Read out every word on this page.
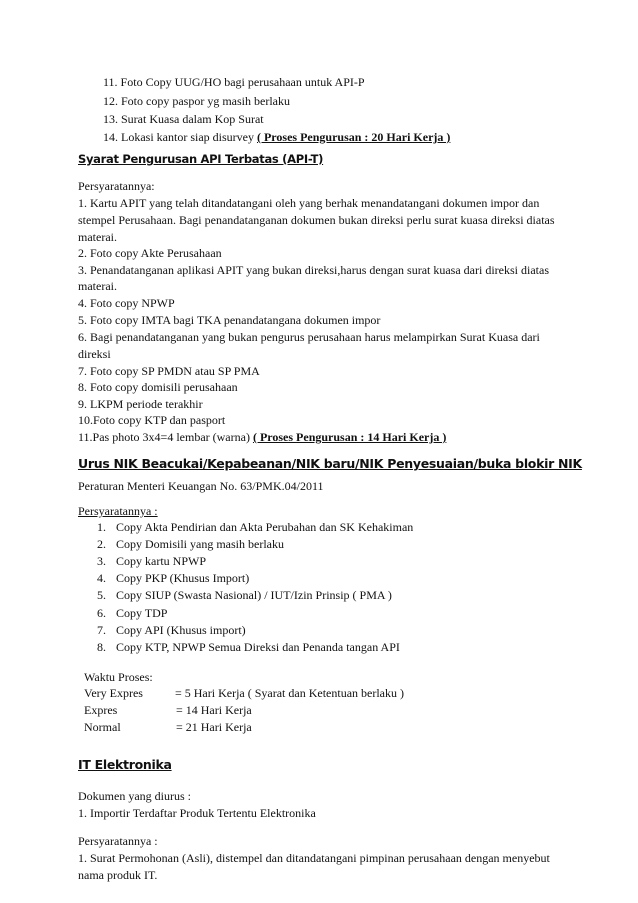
11. Foto Copy UUG/HO bagi perusahaan untuk API-P
12. Foto copy paspor yg masih berlaku
13. Surat Kuasa dalam Kop Surat
14. Lokasi kantor siap disurvey ( Proses Pengurusan : 20 Hari Kerja )
Syarat Pengurusan API Terbatas (API-T)
Persyaratannya:
1. Kartu APIT yang telah ditandatangani oleh yang berhak menandatangani dokumen impor dan
stempel Perusahaan. Bagi penandatanganan dokumen bukan direksi perlu surat kuasa direksi diatas
materai.
2. Foto copy Akte Perusahaan
3. Penandatanganan aplikasi APIT yang bukan direksi,harus dengan surat kuasa dari direksi diatas
materai.
4. Foto copy NPWP
5. Foto copy IMTA bagi TKA penandatangana dokumen impor
6. Bagi penandatanganan yang bukan pengurus perusahaan harus melampirkan Surat Kuasa dari
direksi
7. Foto copy SP PMDN atau SP PMA
8. Foto copy domisili perusahaan
9. LKPM periode terakhir
10.Foto copy KTP dan pasport
11.Pas photo 3x4=4 lembar (warna) ( Proses Pengurusan : 14 Hari Kerja )
Urus NIK Beacukai/Kepabeanan/NIK baru/NIK Penyesuaian/buka blokir NIK
Peraturan Menteri Keuangan No. 63/PMK.04/2011
Persyaratannya :
1. Copy Akta Pendirian dan Akta Perubahan dan SK Kehakiman
2. Copy Domisili yang masih berlaku
3. Copy kartu NPWP
4. Copy PKP (Khusus Import)
5. Copy SIUP (Swasta Nasional) / IUT/Izin Prinsip ( PMA )
6. Copy TDP
7. Copy API (Khusus import)
8. Copy KTP, NPWP Semua Direksi dan Penanda tangan API
Waktu Proses:
Very Expres	= 5 Hari Kerja ( Syarat dan Ketentuan berlaku )
Expres	= 14 Hari Kerja
Normal	= 21 Hari Kerja
IT Elektronika
Dokumen yang diurus :
1. Importir Terdaftar Produk Tertentu Elektronika
Persyaratannya :
1. Surat Permohonan (Asli), distempel dan ditandatangani pimpinan perusahaan dengan menyebut
nama produk IT.
